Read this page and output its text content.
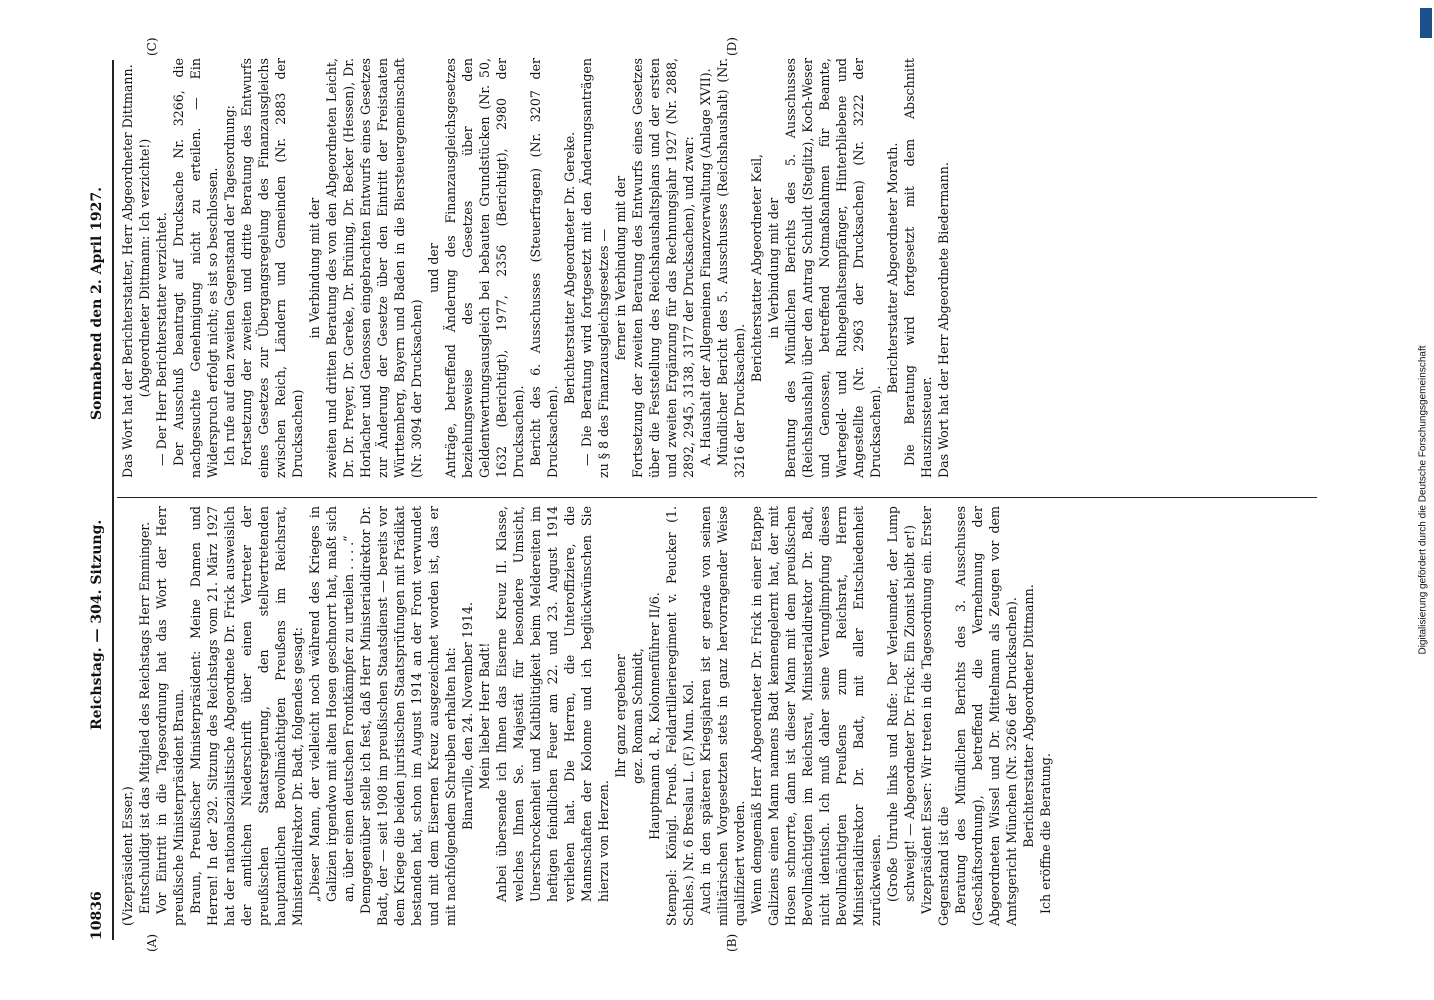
10836
Reichstag. — 304. Sitzung.
Sonnabend den 2. April 1927.
(A)	(B)
(C)	(D)

(Vizepräsident Esser.) Entschuldigt ist das Mitglied des Reichstags Herr Emminger. Vor Eintritt in die Tagesordnung hat das Wort der Herr preußische Ministerpräsident Braun. Braun, Preußischer Ministerpräsident: Meine Damen und Herren! In der 292. Sitzung des Reichstags vom 21. März 1927 hat der nationalsozialistische Abgeordnete Dr. Frick ausweislich der amtlichen Niederschrift über einen Vertreter der preußischen Staatsregierung, den stellvertretenden hauptamtlichen Bevollmächtigten Preußens im Reichsrat, Ministerialdirektor Dr. Badt, folgendes gesagt: „Dieser Mann, der vielleicht noch während des Krieges in Galizien irgendwo mit alten Hosen geschnorrt hat, maßt sich an, über einen deutschen Frontkämpfer zu urteilen . . . .“ Demgegenüber stelle ich fest, daß Herr Ministerialdirektor Dr. Badt, der — seit 1908 im preußischen Staatsdienst — bereits vor dem Kriege die beiden juristischen Staatsprüfungen mit Prädikat bestanden hat, schon im August 1914 an der Front verwundet und mit dem Eisernen Kreuz ausgezeichnet worden ist, das er mit nachfolgendem Schreiben erhalten hat: Binarville, den 24. November 1914. Mein lieber Herr Badt! Anbei übersende ich Ihnen das Eiserne Kreuz II. Klasse, welches Ihnen Se. Majestät für besondere Umsicht, Unerschrockenheit und Kaltblütigkeit beim Meldereiten im heftigen feindlichen Feuer am 22. und 23. August 1914 verliehen hat. Die Herren, die Unteroffiziere, die Mannschaften der Kolonne und ich beglückwünschen Sie hierzu von Herzen.

Ihr ganz ergebener gez. Roman Schmidt, Hauptmann d. R., Kolonnenführer II/6. Stempel: Königl. Preuß. Feldartillerieregiment v. Peucker (1. Schles.) Nr. 6 Breslau L. (F.) Mun. Kol. Auch in den späteren Kriegsjahren ist er gerade von seinen militärischen Vorgesetzten stets in ganz hervorragender Weise qualifiziert worden. Wenn demgemäß Herr Abgeordneter Dr. Frick in einer Etappe Galiziens einen Mann namens Badt kennengelernt hat, der mit Hosen schnorrte, dann ist dieser Mann mit dem preußischen Bevollmächtigten im Reichsrat, Ministerialdirektor Dr. Badt, nicht identisch. Ich muß daher seine Verunglimpfung dieses Bevollmächtigten Preußens zum Reichsrat, Herrn Ministerialdirektor Dr. Badt, mit aller Entschiedenheit zurückweisen. (Große Unruhe links und Rufe: Der Verleumder, der Lump schweigt! — Abgeordneter Dr. Frick: Ein Zionist bleibt er!) Vizepräsident Esser: Wir treten in die Tagesordnung ein. Erster Gegenstand ist die Beratung des Mündlichen Berichts des 3. Ausschusses (Geschäftsordnung), betreffend die Vernehmung der Abgeordneten Wissel und Dr. Mittelmann als Zeugen vor dem Amtsgericht München (Nr. 3266 der Drucksachen). Berichterstatter Abgeordneter Dittmann. Ich eröffne die Beratung.

Das Wort hat der Berichterstatter, Herr Abgeordneter Dittmann. (Abgeordneter Dittmann: Ich verzichte!) — Der Herr Berichterstatter verzichtet. Der Ausschuß beantragt auf Drucksache Nr. 3266, die nachgesuchte Genehmigung nicht zu erteilen. — Ein Widerspruch erfolgt nicht; es ist so beschlossen. Ich rufe auf den zweiten Gegenstand der Tagesordnung: Fortsetzung der zweiten und dritte Beratung des Entwurfs eines Gesetzes zur Übergangsregelung des Finanzausgleichs zwischen Reich, Ländern und Gemeinden (Nr. 2883 der Drucksachen)

in Verbindung mit der zweiten und dritten Beratung des von den Abgeordneten Leicht, Dr. Dr. Preyer, Dr. Gereke, Dr. Brüning, Dr. Becker (Hessen), Dr. Horlacher und Genossen eingebrachten Entwurfs eines Gesetzes zur Änderung der Gesetze über den Eintritt der Freistaaten Württemberg, Bayern und Baden in die Biersteuergemeinschaft (Nr. 3094 der Drucksachen)

und der Anträge, betreffend Änderung des Finanzausgleichsgesetzes beziehungsweise des Gesetzes über den Geldentwertungsausgleich bei bebauten Grundstücken (Nr. 50, 1632 (Berichtigt), 1977, 2356 (Berichtigt), 2980 der Drucksachen). Bericht des 6. Ausschusses (Steuerfragen) (Nr. 3207 der Drucksachen).

Berichterstatter Abgeordneter Dr. Gereke. — Die Beratung wird fortgesetzt mit den Änderungsanträgen zu § 8 des Finanzausgleichsgesetzes — ferner in Verbindung mit der Fortsetzung der zweiten Beratung des Entwurfs eines Gesetzes über die Feststellung des Reichshaushaltsplans und der ersten und zweiten Ergänzung für das Rechnungsjahr 1927 (Nr. 2888, 2892, 2945, 3138, 3177 der Drucksachen), und zwar: A. Haushalt der Allgemeinen Finanzverwaltung (Anlage XVII). Mündlicher Bericht des 5. Ausschusses (Reichshaushalt) (Nr. 3216 der Drucksachen).

Berichterstatter Abgeordneter Keil, in Verbindung mit der Beratung des Mündlichen Berichts des 5. Ausschusses (Reichshaushalt) über den Antrag Schuldt (Steglitz), Koch-Weser und Genossen, betreffend Notmaßnahmen für Beamte, Wartegeld- und Ruhegehaltsempfänger, Hinterbliebene und Angestellte (Nr. 2963 der Drucksachen) (Nr. 3222 der Drucksachen).

Berichterstatter Abgeordneter Morath. Die Beratung wird fortgesetzt mit dem Abschnitt Hauszinssteuer. Das Wort hat der Herr Abgeordnete Biedermann.

Digitalisierung gefördert durch die Deutsche Forschungsgemeinschaft
